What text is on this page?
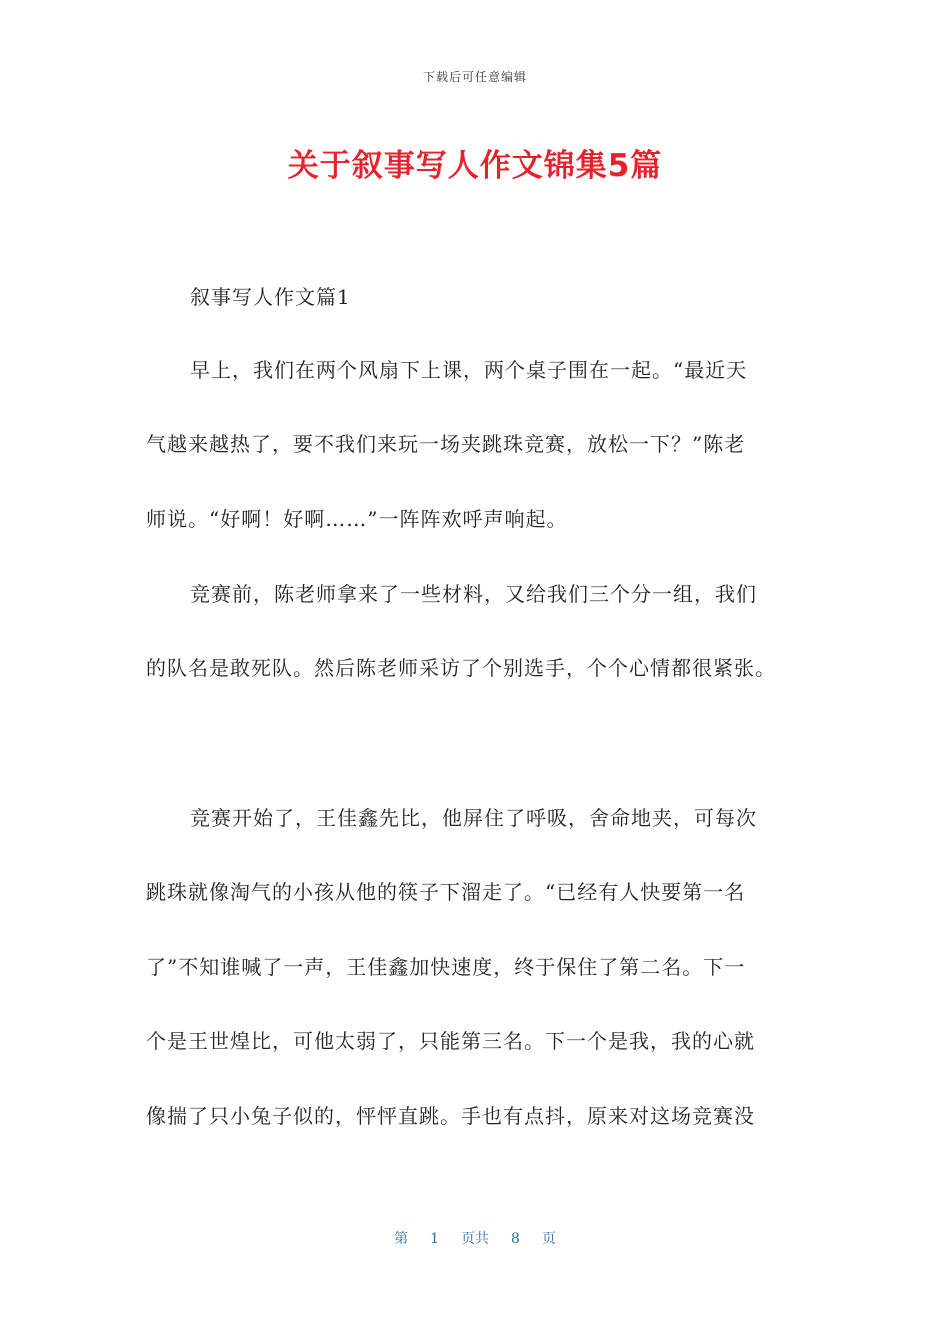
下载后可任意编辑
关于叙事写人作文锦集5篇
叙事写人作文篇1
早上，我们在两个风扇下上课，两个桌子围在一起。“最近天
气越来越热了，要不我们来玩一场夹跳珠竞赛，放松一下？”陈老
师说。“好啊！好啊……”一阵阵欢呼声响起。
竞赛前，陈老师拿来了一些材料，又给我们三个分一组，我们
的队名是敢死队。然后陈老师采访了个别选手，个个心情都很紧张。
竞赛开始了，王佳鑫先比，他屏住了呼吸，舍命地夹，可每次
跳珠就像淘气的小孩从他的筷子下溜走了。“已经有人快要第一名
了”不知谁喊了一声，王佳鑫加快速度，终于保住了第二名。下一
个是王世煌比，可他太弱了，只能第三名。下一个是我，我的心就
像揣了只小兔子似的，怦怦直跳。手也有点抖，原来对这场竞赛没
第 1 页共 8 页
